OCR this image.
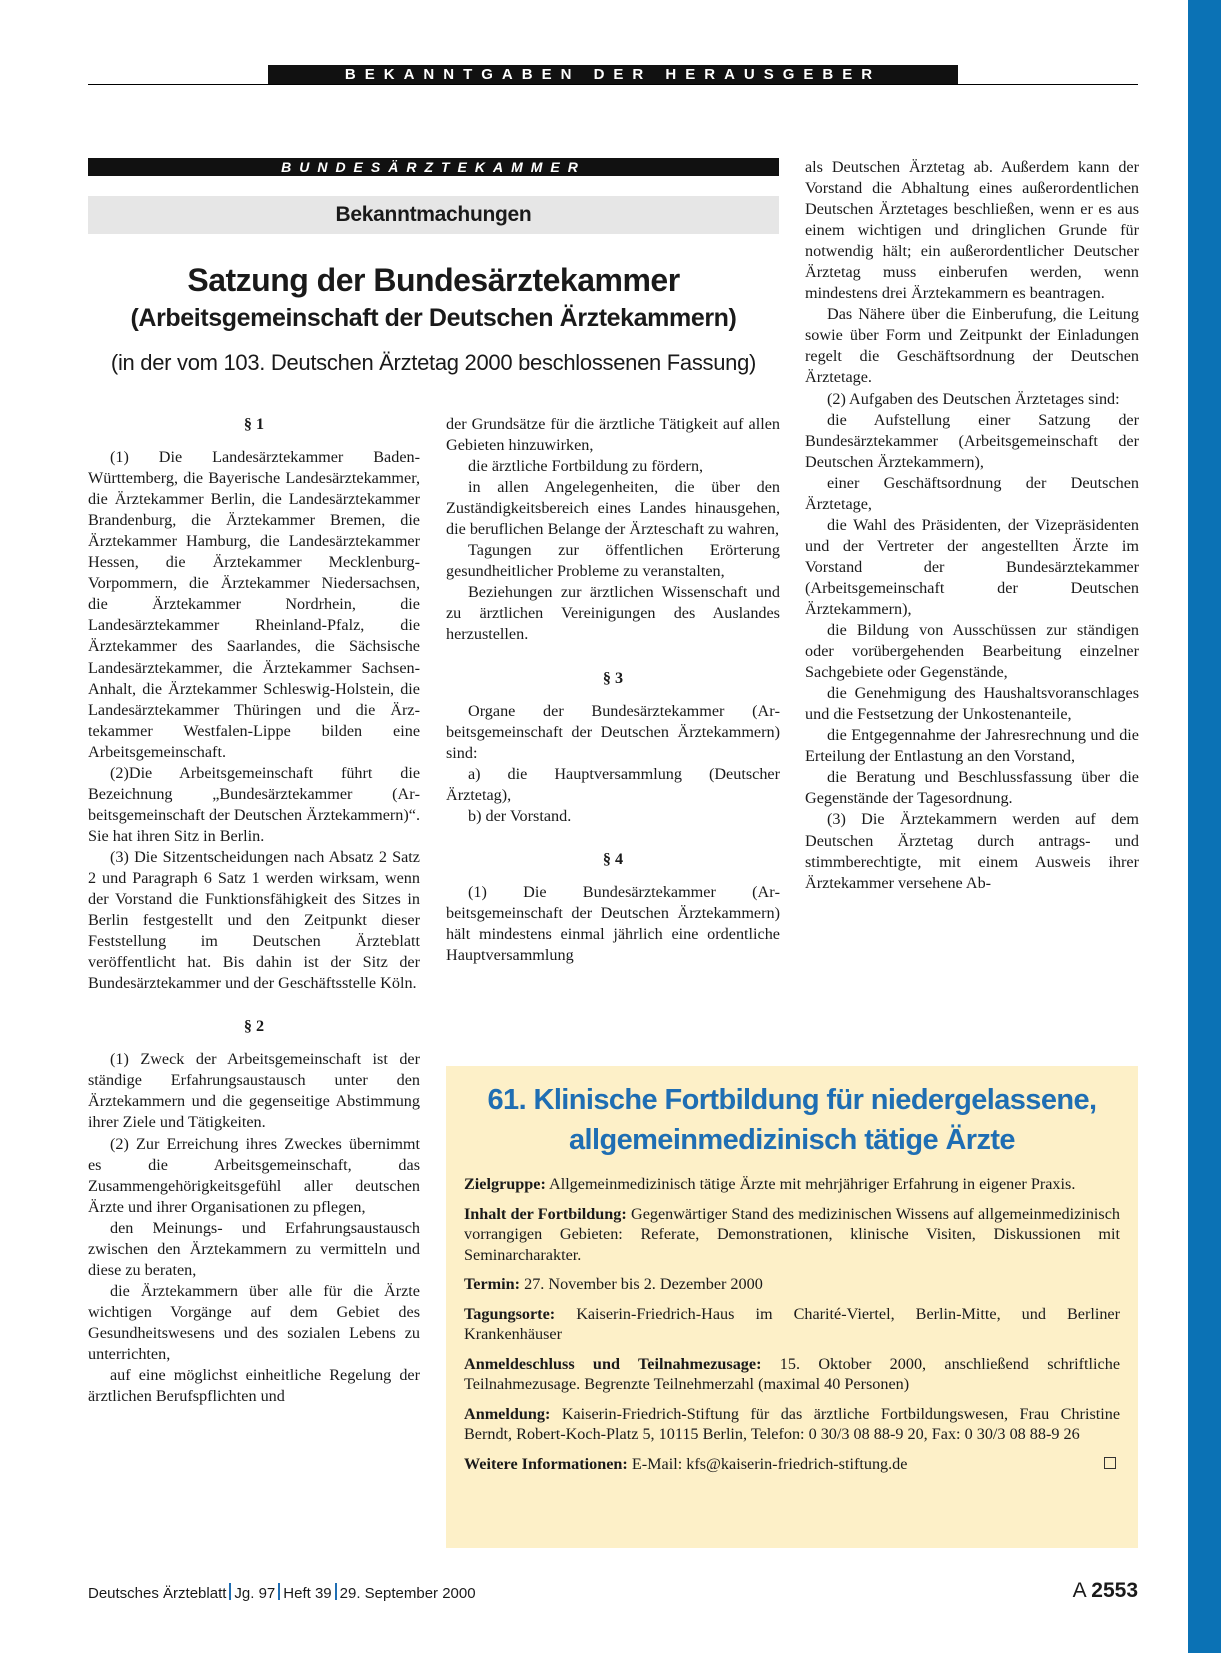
BEKANNTGABEN DER HERAUSGEBER
BUNDESÄRZTEKAMMER
Bekanntmachungen
Satzung der Bundesärztekammer
(Arbeitsgemeinschaft der Deutschen Ärztekammern)
(in der vom 103. Deutschen Ärztetag 2000 beschlossenen Fassung)

§ 1

(1) Die Landesärztekammer Baden-Württemberg, die Bayerische Landesärztekammer, die Ärztekammer Berlin, die Landesärztekammer Brandenburg, die Ärztekammer Bremen, die Ärztekammer Hamburg, die Landesärztekammer Hessen, die Ärztekammer Mecklenburg-Vorpommern, die Ärztekammer Niedersachsen, die Ärztekammer Nordrhein, die Landesärztekammer Rheinland-Pfalz, die Ärztekammer des Saarlandes, die Sächsische Landesärztekammer, die Ärztekammer Sachsen-Anhalt, die Ärztekammer Schleswig-Holstein, die Landesärztekammer Thüringen und die Ärztekammer Westfalen-Lippe bilden eine Arbeitsgemeinschaft.

(2)Die Arbeitsgemeinschaft führt die Bezeichnung „Bundesärztekammer (Arbeitsgemeinschaft der Deutschen Ärztekammern)“. Sie hat ihren Sitz in Berlin.

(3) Die Sitzentscheidungen nach Absatz 2 Satz 2 und Paragraph 6 Satz 1 werden wirksam, wenn der Vorstand die Funktionsfähigkeit des Sitzes in Berlin festgestellt und den Zeitpunkt dieser Feststellung im Deutschen Ärzteblatt veröffentlicht hat. Bis dahin ist der Sitz der Bundesärztekammer und der Geschäftsstelle Köln.

§ 2

(1) Zweck der Arbeitsgemeinschaft ist der ständige Erfahrungsaustausch unter den Ärztekammern und die gegenseitige Abstimmung ihrer Ziele und Tätigkeiten.

(2) Zur Erreichung ihres Zweckes übernimmt es die Arbeitsgemeinschaft, das Zusammengehörigkeitsgefühl aller deutschen Ärzte und ihrer Organisationen zu pflegen,

den Meinungs- und Erfahrungsaustausch zwischen den Ärztekammern zu vermitteln und diese zu beraten,

die Ärztekammern über alle für die Ärzte wichtigen Vorgänge auf dem Gebiet des Gesundheitswesens und des sozialen Lebens zu unterrichten,

auf eine möglichst einheitliche Regelung der ärztlichen Berufspflichten und

der Grundsätze für die ärztliche Tätigkeit auf allen Gebieten hinzuwirken,

die ärztliche Fortbildung zu fördern,

in allen Angelegenheiten, die über den Zuständigkeitsbereich eines Landes hinausgehen, die beruflichen Belange der Ärzteschaft zu wahren,

Tagungen zur öffentlichen Erörterung gesundheitlicher Probleme zu veranstalten,

Beziehungen zur ärztlichen Wissenschaft und zu ärztlichen Vereinigungen des Auslandes herzustellen.

§ 3

Organe der Bundesärztekammer (Arbeitsgemeinschaft der Deutschen Ärztekammern) sind:

a) die Hauptversammlung (Deutscher Ärztetag),

b) der Vorstand.

§ 4

(1) Die Bundesärztekammer (Arbeitsgemeinschaft der Deutschen Ärztekammern) hält mindestens einmal jährlich eine ordentliche Hauptversammlung

als Deutschen Ärztetag ab. Außerdem kann der Vorstand die Abhaltung eines außerordentlichen Deutschen Ärztetages beschließen, wenn er es aus einem wichtigen und dringlichen Grunde für notwendig hält; ein außerordentlicher Deutscher Ärztetag muss einberufen werden, wenn mindestens drei Ärztekammern es beantragen.

Das Nähere über die Einberufung, die Leitung sowie über Form und Zeitpunkt der Einladungen regelt die Geschäftsordnung der Deutschen Ärztetage.

(2) Aufgaben des Deutschen Ärztetages sind:

die Aufstellung einer Satzung der Bundesärztekammer (Arbeitsgemeinschaft der Deutschen Ärztekammern),

einer Geschäftsordnung der Deutschen Ärztetage,

die Wahl des Präsidenten, der Vizepräsidenten und der Vertreter der angestellten Ärzte im Vorstand der Bundesärztekammer (Arbeitsgemeinschaft der Deutschen Ärztekammern),

die Bildung von Ausschüssen zur ständigen oder vorübergehenden Bearbeitung einzelner Sachgebiete oder Gegenstände,

die Genehmigung des Haushaltsvoranschlages und die Festsetzung der Unkostenanteile,

die Entgegennahme der Jahresrechnung und die Erteilung der Entlastung an den Vorstand,

die Beratung und Beschlussfassung über die Gegenstände der Tagesordnung.

(3) Die Ärztekammern werden auf dem Deutschen Ärztetag durch antrags- und stimmberechtigte, mit einem Ausweis ihrer Ärztekammer versehene Ab-

61. Klinische Fortbildung für niedergelassene,
allgemeinmedizinisch tätige Ärzte
Zielgruppe: Allgemeinmedizinisch tätige Ärzte mit mehrjähriger Erfahrung in eigener Praxis.
Inhalt der Fortbildung: Gegenwärtiger Stand des medizinischen Wissens auf allgemeinmedizinisch vorrangigen Gebieten: Referate, Demonstrationen, klinische Visiten, Diskussionen mit Seminarcharakter.
Termin: 27. November bis 2. Dezember 2000
Tagungsorte: Kaiserin-Friedrich-Haus im Charité-Viertel, Berlin-Mitte, und Berliner Krankenhäuser
Anmeldeschluss und Teilnahmezusage: 15. Oktober 2000, anschließend schriftliche Teilnahmezusage. Begrenzte Teilnehmerzahl (maximal 40 Personen)
Anmeldung: Kaiserin-Friedrich-Stiftung für das ärztliche Fortbildungswesen, Frau Christine Berndt, Robert-Koch-Platz 5, 10115 Berlin, Telefon: 0 30/3 08 88-9 20, Fax: 0 30/3 08 88-9 26
Weitere Informationen: E-Mail: kfs@kaiserin-friedrich-stiftung.de
Deutsches Ärzteblatt Jg. 97 Heft 39 29. September 2000	A 2553
